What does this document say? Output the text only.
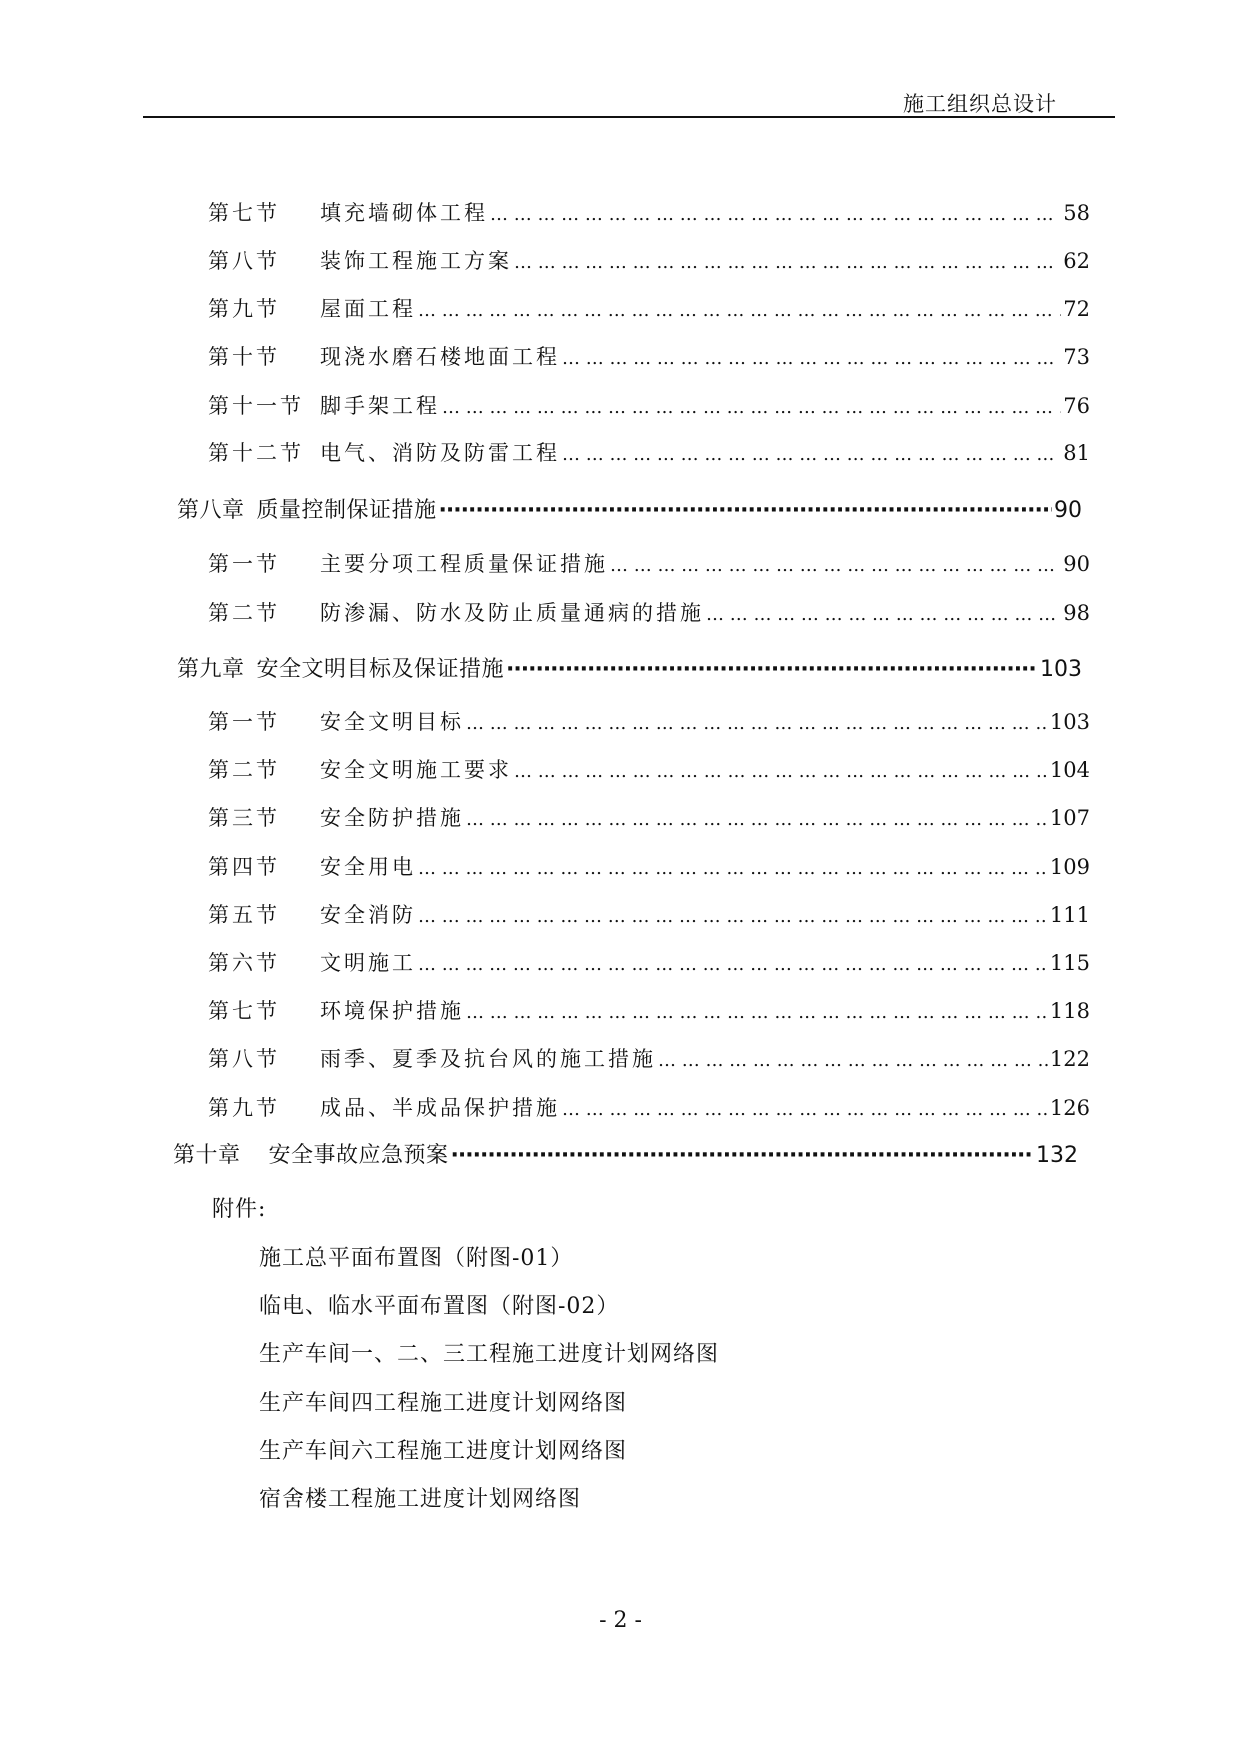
施工组织总设计
第七节	填充墙砌体工程 … … … … … … … … … … … … … … … … … … … … … … … … … … … … … … … … … … … … … … … … … … … … … … … … … … … … … …	58
第八节	装饰工程施工方案 … … … … … … … … … … … … … … … … … … … … … … … … … … … … … … … … … … … … … … … … … … … … … … … … … … … … … …	62
第九节	屋面工程 … … … … … … … … … … … … … … … … … … … … … … … … … … … … … … … … … … … … … … … … … … … … … … … … … … … … … …	72
第十节	现浇水磨石楼地面工程 … … … … … … … … … … … … … … … … … … … … … … … … … … … … … … … … … … … … … … … … … … … … … … … … … … … … … …	73
第十一节 脚手架工程 … … … … … … … … … … … … … … … … … … … … … … … … … … … … … … … … … … … … … … … … … … … … … … … … … … … … … …	76
第十二节 电气、消防及防雷工程 … … … … … … … … … … … … … … … … … … … … … … … … … … … … … … … … … … … … … … … … … … … … … … … … … … … … … …	81
第八章 质量控制保证措施 ·····	90
第一节	主要分项工程质量保证措施 … … … … … … … … … … … … … … … … … … … … … … … … … … … … … … … … … … … … … … … … … … … … … … … … … … … … … …	90
第二节	防渗漏、防水及防止质量通病的措施 … … … … … … … … … … … … … … … … … … … … … … … … … … … … … … … … … … … … … … … … … … … … … … … … … … … … … …	98
第九章 安全文明目标及保证措施 ·····	103
第一节	安全文明目标 … … … … … … … … … … … … … … … … … … … … … … … … … … … … … … … … … … … … … … … … … … … … … … … … … … … … … …	103
第二节	安全文明施工要求 … … … … … … … … … … … … … … … … … … … … … … … … … … … … … … … … … … … … … … … … … … … … … … … … … … … … … …	104
第三节	安全防护措施 … … … … … … … … … … … … … … … … … … … … … … … … … … … … … … … … … … … … … … … … … … … … … … … … … … … … … …	107
第四节	安全用电 … … … … … … … … … … … … … … … … … … … … … … … … … … … … … … … … … … … … … … … … … … … … … … … … … … … … … …	109
第五节	安全消防 … … … … … … … … … … … … … … … … … … … … … … … … … … … … … … … … … … … … … … … … … … … … … … … … … … … … … …	111
第六节	文明施工 … … … … … … … … … … … … … … … … … … … … … … … … … … … … … … … … … … … … … … … … … … … … … … … … … … … … … …	115
第七节	环境保护措施 … … … … … … … … … … … … … … … … … … … … … … … … … … … … … … … … … … … … … … … … … … … … … … … … … … … … … …	118
第八节	雨季、夏季及抗台风的施工措施 … … … … … … … … … … … … … … … … … … … … … … … … … … … … … … … … … … … … … … … … … … … … … … … … … … … … … …	122
第九节	成品、半成品保护措施 … … … … … … … … … … … … … … … … … … … … … … … … … … … … … … … … … … … … … … … … … … … … … … … … … … … … … …	126
第十章 安全事故应急预案 ·····	132
附件:
施工总平面布置图（附图-01）
临电、临水平面布置图（附图-02）
生产车间一、二、三工程施工进度计划网络图
生产车间四工程施工进度计划网络图
生产车间六工程施工进度计划网络图
宿舍楼工程施工进度计划网络图
- 2 -
